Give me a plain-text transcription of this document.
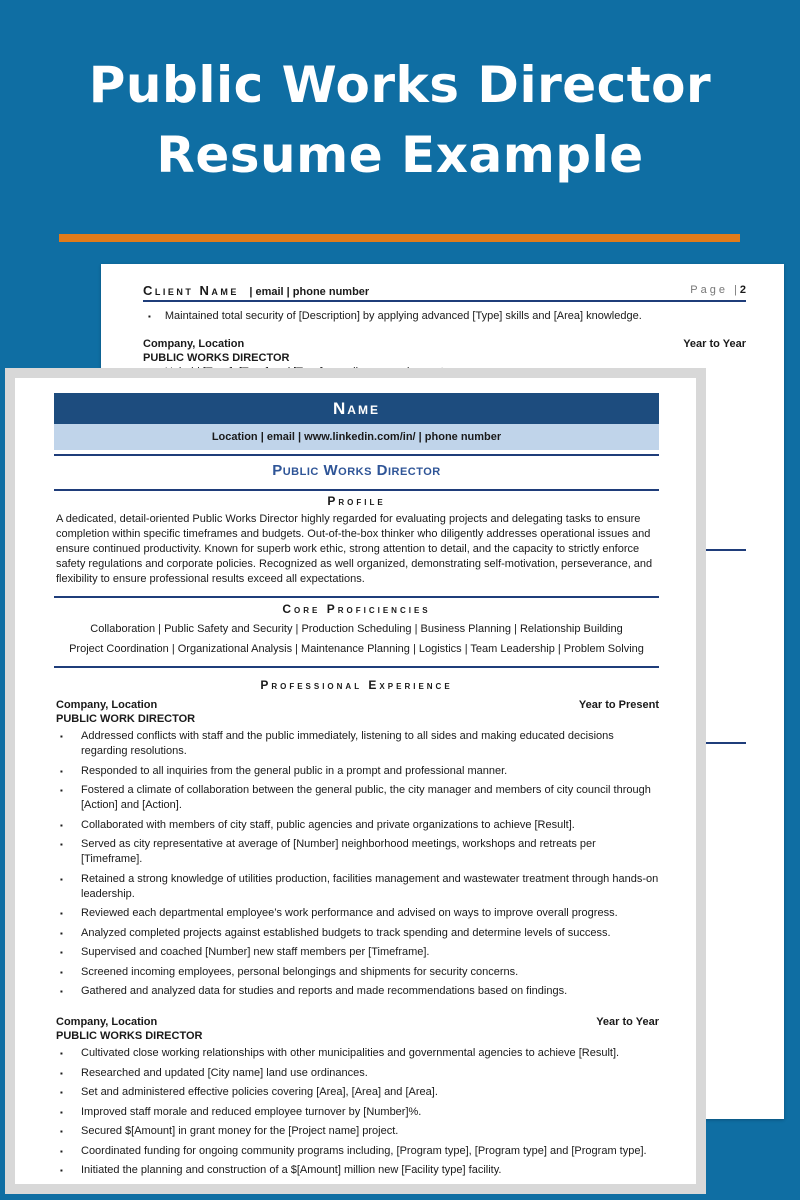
Public Works Director
Resume Example
Client Name | email | phone number	Page |2
▪ Maintained total security of [Description] by applying advanced [Type] skills and [Area] knowledge.
Company, Location	Year to Year
PUBLIC WORKS DIRECTOR
▪ Uphold [Type], [Type] and [Type] compliance requirements.
Name
Location | email | www.linkedin.com/in/ | phone number
Public Works Director
Profile
A dedicated, detail-oriented Public Works Director highly regarded for evaluating projects and delegating tasks to ensure completion within specific timeframes and budgets. Out-of-the-box thinker who diligently addresses operational issues and ensure continued productivity. Known for superb work ethic, strong attention to detail, and the capacity to strictly enforce safety regulations and corporate policies. Recognized as well organized, demonstrating self-motivation, perseverance, and flexibility to ensure professional results exceed all expectations.
Core Proficiencies
Collaboration | Public Safety and Security | Production Scheduling | Business Planning | Relationship Building
Project Coordination | Organizational Analysis | Maintenance Planning | Logistics | Team Leadership | Problem Solving
Professional Experience
Company, Location	Year to Present
PUBLIC WORK DIRECTOR
▪ Addressed conflicts with staff and the public immediately, listening to all sides and making educated decisions regarding resolutions.
▪ Responded to all inquiries from the general public in a prompt and professional manner.
▪ Fostered a climate of collaboration between the general public, the city manager and members of city council through [Action] and [Action].
▪ Collaborated with members of city staff, public agencies and private organizations to achieve [Result].
▪ Served as city representative at average of [Number] neighborhood meetings, workshops and retreats per [Timeframe].
▪ Retained a strong knowledge of utilities production, facilities management and wastewater treatment through hands-on leadership.
▪ Reviewed each departmental employee’s work performance and advised on ways to improve overall progress.
▪ Analyzed completed projects against established budgets to track spending and determine levels of success.
▪ Supervised and coached [Number] new staff members per [Timeframe].
▪ Screened incoming employees, personal belongings and shipments for security concerns.
▪ Gathered and analyzed data for studies and reports and made recommendations based on findings.
Company, Location	Year to Year
PUBLIC WORKS DIRECTOR
▪ Cultivated close working relationships with other municipalities and governmental agencies to achieve [Result].
▪ Researched and updated [City name] land use ordinances.
▪ Set and administered effective policies covering [Area], [Area] and [Area].
▪ Improved staff morale and reduced employee turnover by [Number]%.
▪ Secured $[Amount] in grant money for the [Project name] project.
▪ Coordinated funding for ongoing community programs including, [Program type], [Program type] and [Program type].
▪ Initiated the planning and construction of a $[Amount] million new [Facility type] facility.
